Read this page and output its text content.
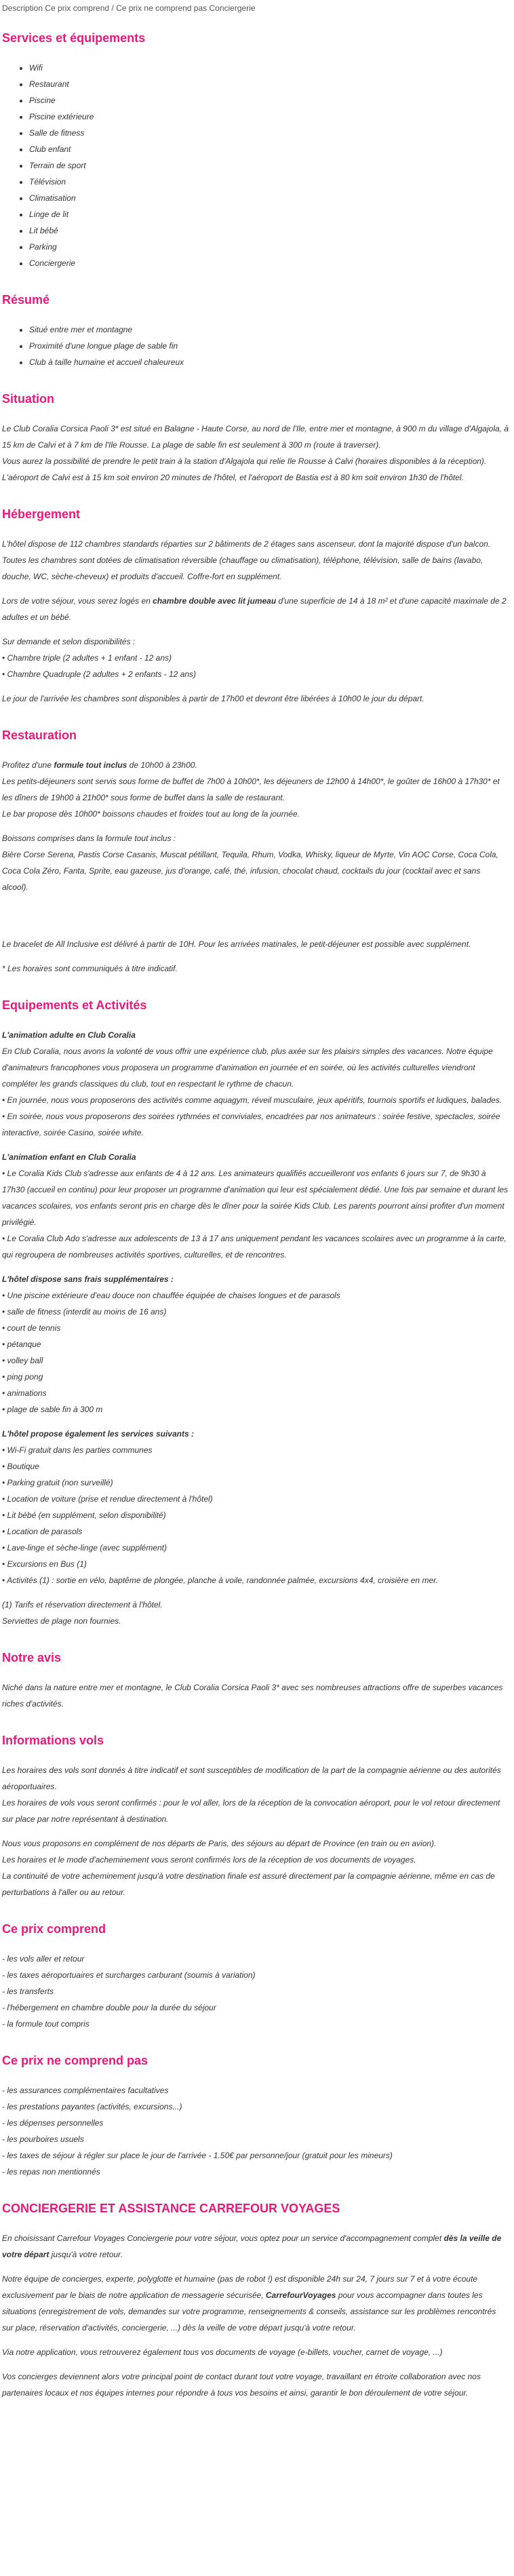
Description Ce prix comprend / Ce prix ne comprend pas Conciergerie
Services et équipements
• Wifi
• Restaurant
• Piscine
• Piscine extérieure
• Salle de fitness
• Club enfant
• Terrain de sport
• Télévision
• Climatisation
• Linge de lit
• Lit bébé
• Parking
• Conciergerie
Résumé
• Situé entre mer et montagne
• Proximité d'une longue plage de sable fin
• Club à taille humaine et accueil chaleureux
Situation

Le Club Coralia Corsica Paoli 3* est situé en Balagne - Haute Corse, au nord de l'Ile, entre mer et montagne, à 900 m du village d'Algajola, à 15 km de Calvi et à 7 km de l'Ile Rousse. La plage de sable fin est seulement à 300 m (route à traverser).
Vous aurez la possibilité de prendre le petit train à la station d'Algajola qui relie Ile Rousse à Calvi (horaires disponibles à la réception).
L'aéroport de Calvi est à 15 km soit environ 20 minutes de l'hôtel, et l'aéroport de Bastia est à 80 km soit environ 1h30 de l'hôtel.

Hébergement

L'hôtel dispose de 112 chambres standards réparties sur 2 bâtiments de 2 étages sans ascenseur, dont la majorité dispose d'un balcon.
Toutes les chambres sont dotées de climatisation réversible (chauffage ou climatisation), téléphone, télévision, salle de bains (lavabo, douche, WC, sèche-cheveux) et produits d'accueil. Coffre-fort en supplément.

Lors de votre séjour, vous serez logés en chambre double avec lit jumeau d'une superficie de 14 à 18 m² et d'une capacité maximale de 2 adultes et un bébé.

Sur demande et selon disponibilités :
• Chambre triple (2 adultes + 1 enfant - 12 ans)
• Chambre Quadruple (2 adultes + 2 enfants - 12 ans)

Le jour de l'arrivée les chambres sont disponibles à partir de 17h00 et devront être libérées à 10h00 le jour du départ.

Restauration

Profitez d'une formule tout inclus de 10h00 à 23h00.
Les petits-déjeuners sont servis sous forme de buffet de 7h00 à 10h00*, les déjeuners de 12h00 à 14h00*, le goûter de 16h00 à 17h30* et les dîners de 19h00 à 21h00* sous forme de buffet dans la salle de restaurant.
Le bar propose dès 10h00* boissons chaudes et froides tout au long de la journée.

Boissons comprises dans la formule tout inclus :
Bière Corse Serena, Pastis Corse Casanis, Muscat pétillant, Tequila, Rhum, Vodka, Whisky, liqueur de Myrte, Vin AOC Corse, Coca Cola, Coca Cola Zéro, Fanta, Sprite, eau gazeuse, jus d'orange, café, thé, infusion, chocolat chaud, cocktails du jour (cocktail avec et sans alcool).

Le bracelet de All Inclusive est délivré à partir de 10H. Pour les arrivées matinales, le petit-déjeuner est possible avec supplément.

* Les horaires sont communiqués à titre indicatif.

Equipements et Activités

L'animation adulte en Club Coralia
En Club Coralia, nous avons la volonté de vous offrir une expérience club, plus axée sur les plaisirs simples des vacances. Notre équipe d'animateurs francophones vous proposera un programme d'animation en journée et en soirée, où les activités culturelles viendront compléter les grands classiques du club, tout en respectant le rythme de chacun.
• En journée, nous vous proposerons des activités comme aquagym, réveil musculaire, jeux apéritifs, tournois sportifs et ludiques, balades.
• En soirée, nous vous proposerons des soirées rythmées et conviviales, encadrées par nos animateurs : soirée festive, spectacles, soirée interactive, soirée Casino, soirée white.

L'animation enfant en Club Coralia
• Le Coralia Kids Club s'adresse aux enfants de 4 à 12 ans. Les animateurs qualifiés accueilleront vos enfants 6 jours sur 7, de 9h30 à 17h30 (accueil en continu) pour leur proposer un programme d'animation qui leur est spécialement dédié. Une fois par semaine et durant les vacances scolaires, vos enfants seront pris en charge dès le dîner pour la soirée Kids Club. Les parents pourront ainsi profiter d'un moment privilégié.
• Le Coralia Club Ado s'adresse aux adolescents de 13 à 17 ans uniquement pendant les vacances scolaires avec un programme à la carte, qui regroupera de nombreuses activités sportives, culturelles, et de rencontres.

L'hôtel dispose sans frais supplémentaires :
• Une piscine extérieure d'eau douce non chauffée équipée de chaises longues et de parasols
• salle de fitness (interdit au moins de 16 ans)
• court de tennis
• pétanque
• volley ball
• ping pong
• animations
• plage de sable fin à 300 m

L'hôtel propose également les services suivants :
• Wi-Fi gratuit dans les parties communes
• Boutique
• Parking gratuit (non surveillé)
• Location de voiture (prise et rendue directement à l'hôtel)
• Lit bébé (en supplément, selon disponibilité)
• Location de parasols
• Lave-linge et sèche-linge (avec supplément)
• Excursions en Bus (1)
• Activités (1) : sortie en vélo, baptême de plongée, planche à voile, randonnée palmée, excursions 4x4, croisière en mer.

(1) Tarifs et réservation directement à l'hôtel.
Serviettes de plage non fournies.

Notre avis

Niché dans la nature entre mer et montagne, le Club Coralia Corsica Paoli 3* avec ses nombreuses attractions offre de superbes vacances riches d'activités.

Informations vols

Les horaires des vols sont donnés à titre indicatif et sont susceptibles de modification de la part de la compagnie aérienne ou des autorités aéroportuaires.
Les horaires de vols vous seront confirmés : pour le vol aller, lors de la réception de la convocation aéroport, pour le vol retour directement sur place par notre représentant à destination.

Nous vous proposons en complément de nos départs de Paris, des séjours au départ de Province (en train ou en avion).
Les horaires et le mode d'acheminement vous seront confirmés lors de la réception de vos documents de voyages.
La continuité de votre acheminement jusqu'à votre destination finale est assuré directement par la compagnie aérienne, même en cas de perturbations à l'aller ou au retour.

Ce prix comprend

- les vols aller et retour
- les taxes aéroportuaires et surcharges carburant (soumis à variation)
- les transferts
- l'hébergement en chambre double pour la durée du séjour
- la formule tout compris

Ce prix ne comprend pas

- les assurances complémentaires facultatives
- les prestations payantes (activités, excursions...)
- les dépenses personnelles
- les pourboires usuels
- les taxes de séjour à régler sur place le jour de l'arrivée - 1.50€ par personne/jour (gratuit pour les mineurs)
- les repas non mentionnés

CONCIERGERIE ET ASSISTANCE CARREFOUR VOYAGES

En choisissant Carrefour Voyages Conciergerie pour votre séjour, vous optez pour un service d'accompagnement complet dès la veille de votre départ jusqu'à votre retour.

Notre équipe de concierges, experte, polyglotte et humaine (pas de robot !) est disponible 24h sur 24, 7 jours sur 7 et à votre écoute exclusivement par le biais de notre application de messagerie sécurisée, CarrefourVoyages pour vous accompagner dans toutes les situations (enregistrement de vols, demandes sur votre programme, renseignements & conseils, assistance sur les problèmes rencontrés sur place, réservation d'activités, conciergerie, ...) dès la veille de votre départ jusqu'à votre retour.

Via notre application, vous retrouverez également tous vos documents de voyage (e-billets, voucher, carnet de voyage, ...)

Vos concierges deviennent alors votre principal point de contact durant tout votre voyage, travaillant en étroite collaboration avec nos partenaires locaux et nos équipes internes pour répondre à tous vos besoins et ainsi, garantir le bon déroulement de votre séjour.
